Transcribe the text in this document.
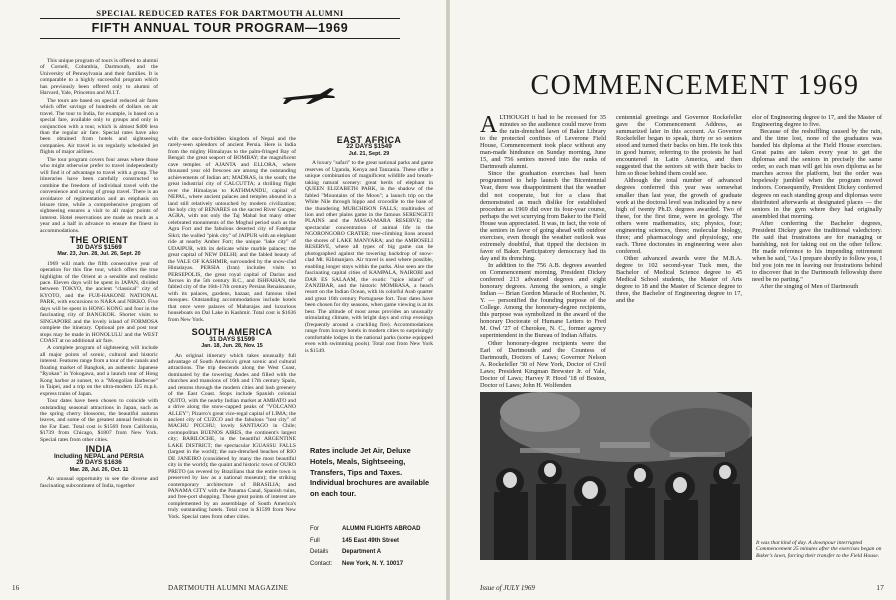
SPECIAL REDUCED RATES FOR DARTMOUTH ALUMNI
FIFTH ANNUAL TOUR PROGRAM—1969

This unique program of tours is offered to alumni of Cornell, Columbia, Dartmouth, and the University of Pennsylvania and their families. It is comparable to a highly successful program which has previously been offered only to alumni of Harvard, Yale, Princeton and M.I.T.

The tours are based on special reduced air fares which offer savings of hundreds of dollars on air travel. The tour to India, for example, is based on a special fare, available only to groups and only in conjunction with a tour, which is almost $400 less than the regular air fare. Special rates have also been obtained from hotels and sightseeing companies. Air travel is on regularly scheduled jet flights of major airlines.

The tour program covers four areas where those who might otherwise prefer to travel independently will find it of advantage to travel with a group. The itineraries have been carefully constructed to combine the freedom of individual travel with the convenience and saving of group travel. There is an avoidance of regimentation and an emphasis on leisure time, while a comprehensive program of sightseeing ensures a visit to all major points of interest. Hotel reservations are made as much as a year and a half in advance to ensure the finest in accommodations.

THE ORIENT
30 DAYS $1569
Mar. 23, Jun. 28, Jul. 26, Sept. 20

1969 will mark the fifth consecutive year of operation for this fine tour, which offers the true highlights of the Orient at a sensible and realistic pace. Eleven days will be spent in JAPAN, divided between TOKYO, the ancient "classical" city of KYOTO, and the FUJI-HAKONE NATIONAL PARK, with excursions to NARA and NIKKO. Five days will be spent in HONG KONG and four in the fascinating city of BANGKOK. Shorter visits to SINGAPORE and the lovely island of FORMOSA complete the itinerary. Optional pre and post tour stops may be made in HONOLULU and the WEST COAST at no additional air fare.

A complete program of sightseeing will include all major points of scenic, cultural and historic interest. Features range from a tour of the canals and floating market of Bangkok, an authentic Japanese "Ryokan" in Yokogawa, and a launch tour of Hong Kong harbor at sunset, to a "Mongolian Barbecue" in Taipei, and a trip on the ultra-modern 125 m.p.h. express trains of Japan.

Tour dates have been chosen to coincide with outstanding seasonal attractions in Japan, such as the spring cherry blossoms, the beautiful autumn leaves, and some of the greatest annual festivals in the Far East. Total cost is $1569 from California, $1739 from Chicago, $1807 from New York. Special rates from other cities.

INDIA
Including NEPAL and PERSIA
29 DAYS $1636
Mar. 28, Jul. 26, Oct. 11

An unusual opportunity to see the diverse and fascinating subcontinent of India, together

with the once-forbidden kingdom of Nepal and the rarely-seen splendors of ancient Persia. Here is India from the mighty Himalayas to the palm-fringed Bay of Bengal: the great seaport of BOMBAY; the magnificent cave temples of AJANTA and ELLORA, where thousand year old frescoes are among the outstanding achievements of Indian art; MADRAS, in the south; the great industrial city of CALCUTTA; a thrilling flight over the Himalayas to KATHMANDU, capital of NEPAL, where ancient palaces and temples abound in a land still relatively untouched by modern civilization; the holy city of BENARES on the sacred River Ganges; AGRA, with not only the Taj Mahal but many other celebrated monuments of the Moghul period such as the Agra Fort and the fabulous deserted city of Fatehpur Sikri; the walled "pink city" of JAIPUR with an elephant ride at nearby Amber Fort; the unique "lake city" of UDAIPUR, with its delicate white marble palaces; the great capital of NEW DELHI; and the fabled beauty of the VALE OF KASHMIR, surrounded by the snow-clad Himalayas. PERSIA (Iran) includes visits to PERSEPOLIS, the great royal capital of Darius and Xerxes in the 5th century B.C., and ISHFAHAN, the fabled city of the 16th-17th century Persian Renaissance, with its palaces, gardens, bazaar, and famous tiled mosques. Outstanding accommodations include hotels that once were palaces of Maharajas and luxurious houseboats on Dal Lake in Kashmir. Total cost is $1636 from New York.

SOUTH AMERICA
31 DAYS $1599
Jan. 18, Jun. 28, Nov. 15

An original itinerary which takes unusually full advantage of South America's great scenic and cultural attractions. The trip descends along the West Coast, dominated by the towering Andes and filled with the churches and mansions of 16th and 17th century Spain, and returns through the modern cities and lush greenery of the East Coast. Stops include Spanish colonial QUITO, with the nearby Indian market at AMBATO and a drive along the snow-capped peaks of "VOLCANO ALLEY"; Pizarro's great vice-regal capital of LIMA; the ancient city of CUZCO and the fabulous "lost city" of MACHU PICCHU; lovely SANTIAGO in Chile; cosmopolitan BUENOS AIRES, the continent's largest city; BARILOCHE, in the beautiful ARGENTINE LAKE DISTRICT; the spectacular IGUASSU FALLS (largest in the world); the sun-drenched beaches of RIO DE JANEIRO (considered by many the most beautiful city in the world); the quaint and historic town of OURO PRETO (as revered by Brazilians that the entire town is preserved by law as a national museum); the striking contemporary architecture of BRASILIA; and PANAMA CITY with the Panama Canal, Spanish ruins, and free-port shopping. These great points of interest are complemented by an assemblage of South America's truly outstanding hotels. Total cost is $1599 from New York. Special rates from other cities.

EAST AFRICA
22 DAYS $1549
Jul. 21, Sept. 29

A luxury "safari" to the great national parks and game reserves of Uganda, Kenya and Tanzania. These offer a unique combination of magnificent wildlife and breath-taking natural scenery: great herds of elephant in QUEEN ELIZABETH PARK, in the shadow of the fabled "Mountains of the Moon"; a launch trip on the White Nile through hippo and crocodile to the base of the thundering MURCHISON FALLS; multitudes of lion and other plains game in the famous SERENGETI PLAINS and the MASAI-MARA RESERVE; the spectacular concentration of animal life in the NGORONGORO CRATER; tree-climbing lions around the shores of LAKE MANYARA; and the AMBOSELI RESERVE, where all types of big game can be photographed against the towering backdrop of snow-clad Mt. Kilimanjaro. Air travel is used where possible, enabling longer stays within the parks. Also seen are the fascinating capital cities of KAMPALA, NAIROBI and DAR ES SALAAM, the exotic "spice island" of ZANZIBAR, and the historic MOMBASA, a beach resort on the Indian Ocean, with its colorful Arab quarter and great 16th century Portuguese fort. Tour dates have been chosen for dry seasons, when game viewing is at its best. The altitude of most areas provides an unusually stimulating climate, with bright days and crisp evenings (frequently around a crackling fire). Accommodations range from luxury hotels in modern cities to surprisingly comfortable lodges in the national parks (some equipped even with swimming pools). Total cost from New York is $1549.

Rates include Jet Air, Deluxe Hotels, Meals, Sightseeing, Transfers, Tips and Taxes. Individual brochures are available on each tour.
For	ALUMNI FLIGHTS ABROAD
Full	145 East 49th Street
Details	Department A
Contact:	New York, N. Y. 10017
16	DARTMOUTH ALUMNI MAGAZINE
COMMENCEMENT 1969

ALTHOUGH it had to be recessed for 35 minutes so the audience could move from the rain-drenched lawn of Baker Library to the protected confines of Leverone Field House, Commencement took place without any man-made hindrance on Sunday morning, June 15, and 756 seniors moved into the ranks of Dartmouth alumni.

Since the graduation exercises had been programmed to help launch the Bicentennial Year, there was disappointment that the weather did not cooperate, but for a class that demonstrated as much dislike for established procedure as 1969 did over its four-year course, perhaps the wet scurrying from Baker to the Field House was appreciated. It was, in fact, the vote of the seniors in favor of going ahead with outdoor exercises, even though the weather outlook was extremely doubtful, that tipped the decision in favor of Baker. Participatory democracy had its day and its drenching.

In addition to the 756 A.B. degrees awarded on Commencement morning, President Dickey conferred 213 advanced degrees and eight honorary degrees. Among the seniors, a single Indian — Brian Gordon Maracle of Rochester, N. Y. — personified the founding purpose of the College. Among the honorary-degree recipients, this purpose was symbolized in the award of the honorary Doctorate of Humane Letters to Fred M. Owl '27 of Cherokee, N. C., former agency superintendent in the Bureau of Indian Affairs.

Other honorary-degree recipients were the Earl of Dartmouth and the Countess of Dartmouth, Doctors of Laws; Governor Nelson A. Rockefeller '30 of New York, Doctor of Civil Laws; President Kingman Brewster Jr. of Yale, Doctor of Laws; Harvey P. Hood '18 of Boston, Doctor of Laws; John H. Wolfenden

centennial greetings and Governor Rockefeller gave the Commencement Address, as summarized later in this account. As Governor Rockefeller began to speak, thirty or so seniors stood and turned their backs on him. He took this in good humor, referring to the protests he had encountered in Latin America, and then suggested that the seniors sit with their backs to him so those behind them could see.

Although the total number of advanced degrees conferred this year was somewhat smaller than last year, the growth of graduate work at the doctoral level was indicated by a new high of twenty Ph.D. degrees awarded. Two of these, for the first time, were in geology. The others were mathematics, six; physics, four; engineering sciences, three; molecular biology, three; and pharmacology and physiology, one each. Three doctorates in engineering were also conferred.

Other advanced awards were the M.B.A. degree to 102 second-year Tuck men, the Bachelor of Medical Science degree to 45 Medical School students, the Master of Arts degree to 18 and the Master of Science degree to three, the Bachelor of Engineering degree to 17, and the

elor of Engineering degree to 17, and the Master of Engineering degree to five.

Because of the reshuffling caused by the rain, and the time lost, none of the graduates was handed his diploma at the Field House exercises. Great pains are taken every year to get the diplomas and the seniors in precisely the same order, so each man will get his own diploma as he marches across the platform, but the order was hopelessly jumbled when the program moved indoors. Consequently, President Dickey conferred degrees on each standing group and diplomas were distributed afterwards at designated places — the seniors in the gym where they had originally assembled that morning.

After conferring the Bachelor degrees, President Dickey gave the traditional valedictory. He said that frustrations are for managing or banishing, not for taking out on the other fellow. He made reference to his impending retirement when he said, "As I prepare shortly to follow you, I bid you join me in leaving our frustrations behind to discover that in the Dartmouth fellowship there need be no parting."

After the singing of Men of Dartmouth

It was that kind of day. A downpour interrupted Commencement 25 minutes after the exercises began on Baker's lawn, forcing their transfer to the Field House.
Issue of JULY 1969	17
